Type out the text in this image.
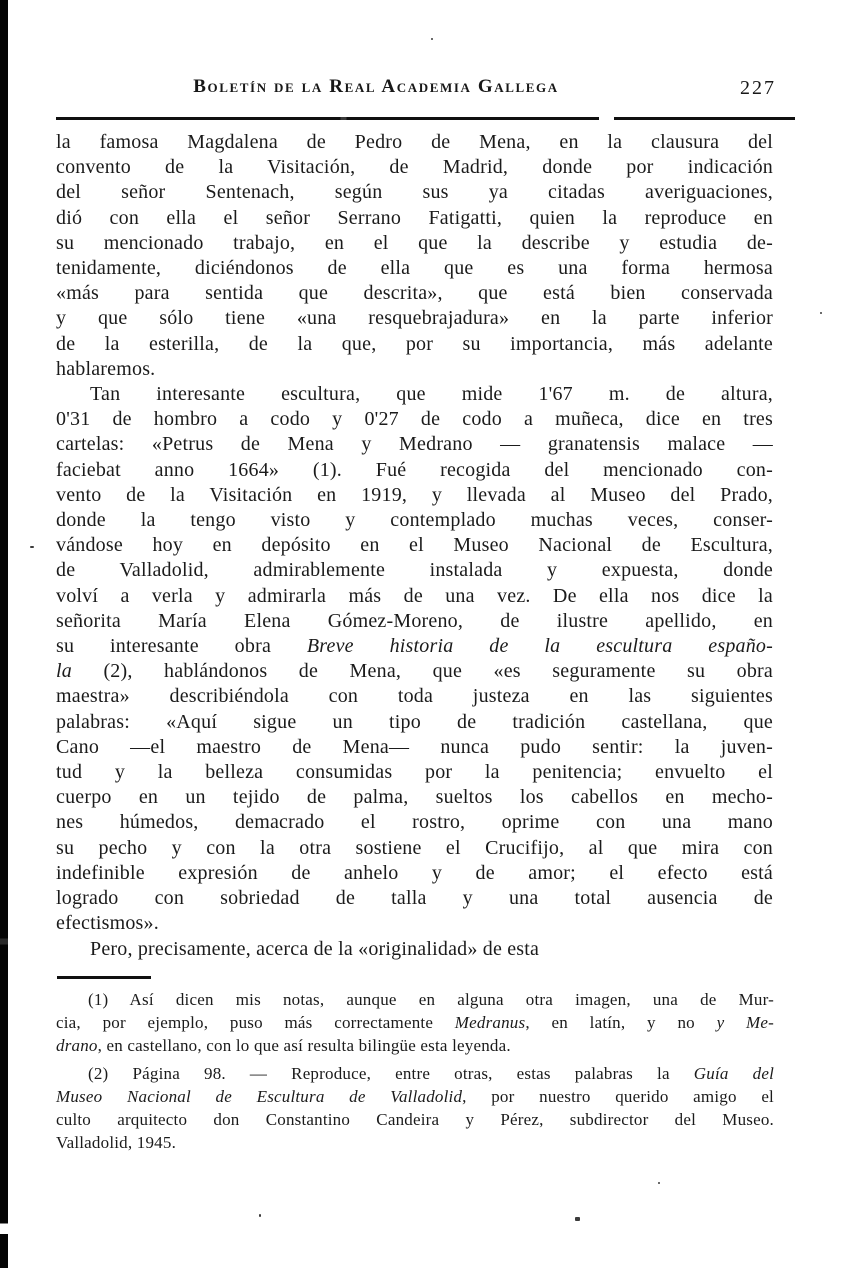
Boletín de la Real Academia Gallega	227
la famosa Magdalena de Pedro de Mena, en la clausura del
convento de la Visitación, de Madrid, donde por indicación
del señor Sentenach, según sus ya citadas averiguaciones,
dió con ella el señor Serrano Fatigatti, quien la reproduce en
su mencionado trabajo, en el que la describe y estudia de-
tenidamente, diciéndonos de ella que es una forma hermosa
«más para sentida que descrita», que está bien conservada
y que sólo tiene «una resquebrajadura» en la parte inferior
de la esterilla, de la que, por su importancia, más adelante
hablaremos.
Tan interesante escultura, que mide 1'67 m. de altura,
0'31 de hombro a codo y 0'27 de codo a muñeca, dice en tres
cartelas: «Petrus de Mena y Medrano — granatensis malace —
faciebat anno 1664» (1). Fué recogida del mencionado con-
vento de la Visitación en 1919, y llevada al Museo del Prado,
donde la tengo visto y contemplado muchas veces, conser-
vándose hoy en depósito en el Museo Nacional de Escultura,
de Valladolid, admirablemente instalada y expuesta, donde
volví a verla y admirarla más de una vez. De ella nos dice la
señorita María Elena Gómez-Moreno, de ilustre apellido, en
su interesante obra Breve historia de la escultura españo-
la (2), hablándonos de Mena, que «es seguramente su obra
maestra» describiéndola con toda justeza en las siguientes
palabras: «Aquí sigue un tipo de tradición castellana, que
Cano —el maestro de Mena— nunca pudo sentir: la juven-
tud y la belleza consumidas por la penitencia; envuelto el
cuerpo en un tejido de palma, sueltos los cabellos en mecho-
nes húmedos, demacrado el rostro, oprime con una mano
su pecho y con la otra sostiene el Crucifijo, al que mira con
indefinible expresión de anhelo y de amor; el efecto está
logrado con sobriedad de talla y una total ausencia de
efectismos».
Pero, precisamente, acerca de la «originalidad» de esta
(1) Así dicen mis notas, aunque en alguna otra imagen, una de Mur-
cia, por ejemplo, puso más correctamente Medranus, en latín, y no y Me-
drano, en castellano, con lo que así resulta bilingüe esta leyenda.
(2) Página 98. — Reproduce, entre otras, estas palabras la Guía del
Museo Nacional de Escultura de Valladolid, por nuestro querido amigo el
culto arquitecto don Constantino Candeira y Pérez, subdirector del Museo.
Valladolid, 1945.
